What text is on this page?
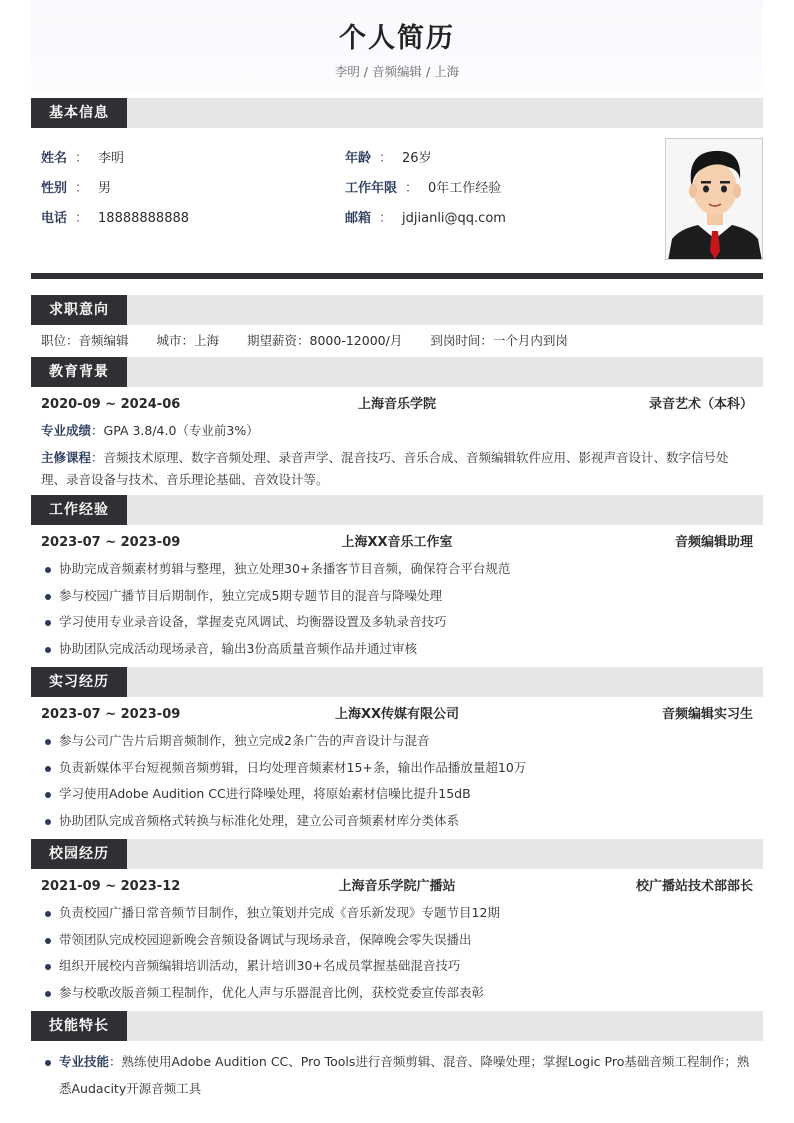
个人简历
李明 / 音频编辑 / 上海
基本信息
姓名 ： 李明
性别 ： 男
电话 ： 18888888888
年龄 ： 26岁
工作年限 ： 0年工作经验
邮箱 ： jdjianli@qq.com
求职意向
职位：音频编辑 城市：上海 期望薪资：8000-12000/月 到岗时间：一个月内到岗
教育背景
2020-09 ~ 2024-06	上海音乐学院	录音艺术（本科）
专业成绩：GPA 3.8/4.0（专业前3%）
主修课程：音频技术原理、数字音频处理、录音声学、混音技巧、音乐合成、音频编辑软件应用、影视声音设计、数字信号处理、录音设备与技术、音乐理论基础、音效设计等。
工作经验
2023-07 ~ 2023-09	上海XX音乐工作室	音频编辑助理
协助完成音频素材剪辑与整理，独立处理30+条播客节目音频，确保符合平台规范
参与校园广播节目后期制作，独立完成5期专题节目的混音与降噪处理
学习使用专业录音设备，掌握麦克风调试、均衡器设置及多轨录音技巧
协助团队完成活动现场录音，输出3份高质量音频作品并通过审核
实习经历
2023-07 ~ 2023-09	上海XX传媒有限公司	音频编辑实习生
参与公司广告片后期音频制作，独立完成2条广告的声音设计与混音
负责新媒体平台短视频音频剪辑，日均处理音频素材15+条，输出作品播放量超10万
学习使用Adobe Audition CC进行降噪处理，将原始素材信噪比提升15dB
协助团队完成音频格式转换与标准化处理，建立公司音频素材库分类体系
校园经历
2021-09 ~ 2023-12	上海音乐学院广播站	校广播站技术部部长
负责校园广播日常音频节目制作，独立策划并完成《音乐新发现》专题节目12期
带领团队完成校园迎新晚会音频设备调试与现场录音，保障晚会零失误播出
组织开展校内音频编辑培训活动，累计培训30+名成员掌握基础混音技巧
参与校歌改版音频工程制作，优化人声与乐器混音比例，获校党委宣传部表彰
技能特长
专业技能：熟练使用Adobe Audition CC、Pro Tools进行音频剪辑、混音、降噪处理；掌握Logic Pro基础音频工程制作；熟悉Audacity开源音频工具
